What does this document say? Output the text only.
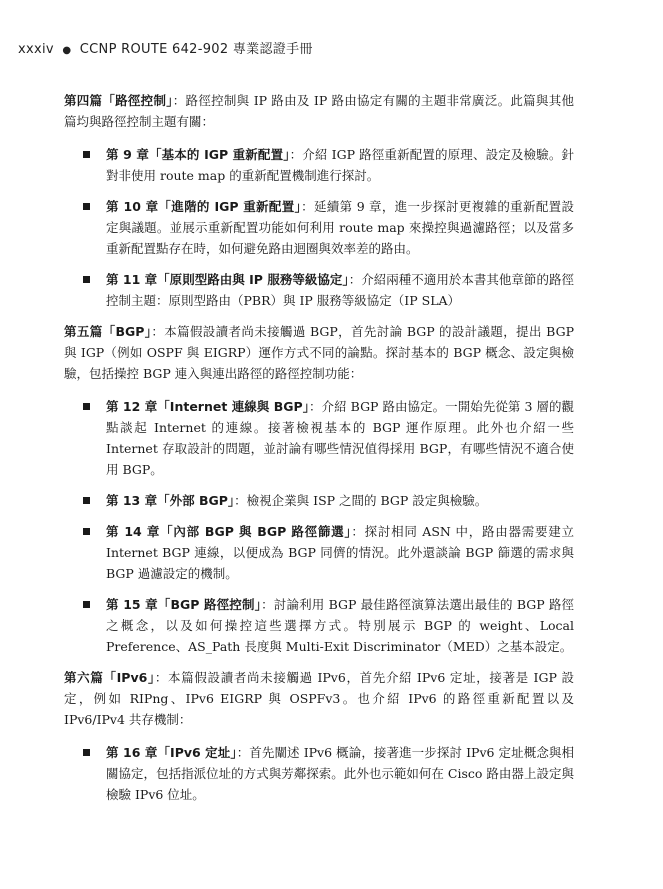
xxxiv ● CCNP ROUTE 642-902 專業認證手冊

第四篇「路徑控制」：路徑控制與 IP 路由及 IP 路由協定有關的主題非常廣泛。此篇與其他篇均與路徑控制主題有關：

第 9 章「基本的 IGP 重新配置」：介紹 IGP 路徑重新配置的原理、設定及檢驗。針對非使用 route map 的重新配置機制進行探討。
第 10 章「進階的 IGP 重新配置」：延續第 9 章，進一步探討更複雜的重新配置設定與議題。並展示重新配置功能如何利用 route map 來操控與過濾路徑；以及當多重新配置點存在時，如何避免路由迴圈與效率差的路由。
第 11 章「原則型路由與 IP 服務等級協定」：介紹兩種不適用於本書其他章節的路徑控制主題：原則型路由（PBR）與 IP 服務等級協定（IP SLA）

第五篇「BGP」：本篇假設讀者尚未接觸過 BGP，首先討論 BGP 的設計議題，提出 BGP 與 IGP（例如 OSPF 與 EIGRP）運作方式不同的論點。探討基本的 BGP 概念、設定與檢驗，包括操控 BGP 連入與連出路徑的路徑控制功能：

第 12 章「Internet 連線與 BGP」：介紹 BGP 路由協定。一開始先從第 3 層的觀點談起 Internet 的連線。接著檢視基本的 BGP 運作原理。此外也介紹一些 Internet 存取設計的問題，並討論有哪些情況值得採用 BGP，有哪些情況不適合使用 BGP。
第 13 章「外部 BGP」：檢視企業與 ISP 之間的 BGP 設定與檢驗。
第 14 章「內部 BGP 與 BGP 路徑篩選」：探討相同 ASN 中，路由器需要建立 Internet BGP 連線，以便成為 BGP 同儕的情況。此外還談論 BGP 篩選的需求與 BGP 過濾設定的機制。
第 15 章「BGP 路徑控制」：討論利用 BGP 最佳路徑演算法選出最佳的 BGP 路徑之概念，以及如何操控這些選擇方式。特別展示 BGP 的 weight、Local Preference、AS_Path 長度與 Multi-Exit Discriminator（MED）之基本設定。

第六篇「IPv6」：本篇假設讀者尚未接觸過 IPv6，首先介紹 IPv6 定址，接著是 IGP 設定，例如 RIPng、IPv6 EIGRP 與 OSPFv3。也介紹 IPv6 的路徑重新配置以及 IPv6/IPv4 共存機制：

第 16 章「IPv6 定址」：首先闡述 IPv6 概論，接著進一步探討 IPv6 定址概念與相關協定，包括指派位址的方式與芳鄰探索。此外也示範如何在 Cisco 路由器上設定與檢驗 IPv6 位址。
